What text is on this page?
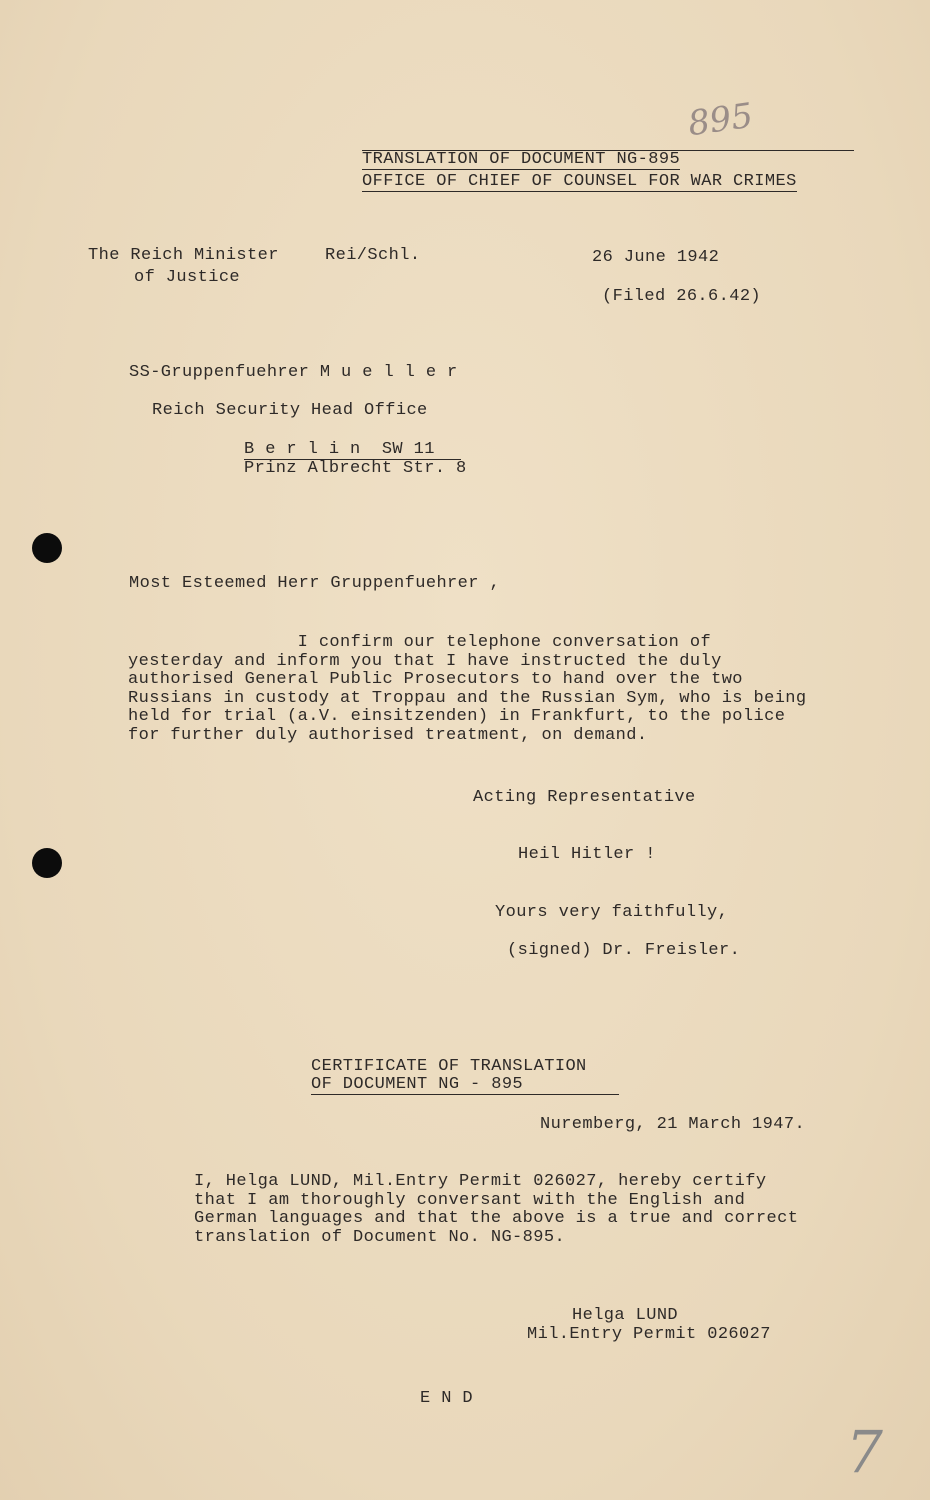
895
7
TRANSLATION OF DOCUMENT NG-895
OFFICE OF CHIEF OF COUNSEL FOR WAR CRIMES
The Reich Minister
of Justice
Rei/Schl.	26 June 1942
(Filed 26.6.42)
SS-Gruppenfuehrer M u e l l e r
Reich Security Head Office
B e r l i n  SW 11
Prinz Albrecht Str. 8
Most Esteemed Herr Gruppenfuehrer ,
I confirm our telephone conversation of
yesterday and inform you that I have instructed the duly
authorised General Public Prosecutors to hand over the two
Russians in custody at Troppau and the Russian Sym, who is being
held for trial (a.V. einsitzenden) in Frankfurt, to the police
for further duly authorised treatment, on demand.
Acting Representative
Heil Hitler !
Yours very faithfully,
(signed) Dr. Freisler.
CERTIFICATE OF TRANSLATION
OF DOCUMENT NG - 895
Nuremberg, 21 March 1947.
I, Helga LUND, Mil.Entry Permit 026027, hereby certify
that I am thoroughly conversant with the English and
German languages and that the above is a true and correct
translation of Document No. NG-895.
Helga LUND
Mil.Entry Permit 026027
E N D
